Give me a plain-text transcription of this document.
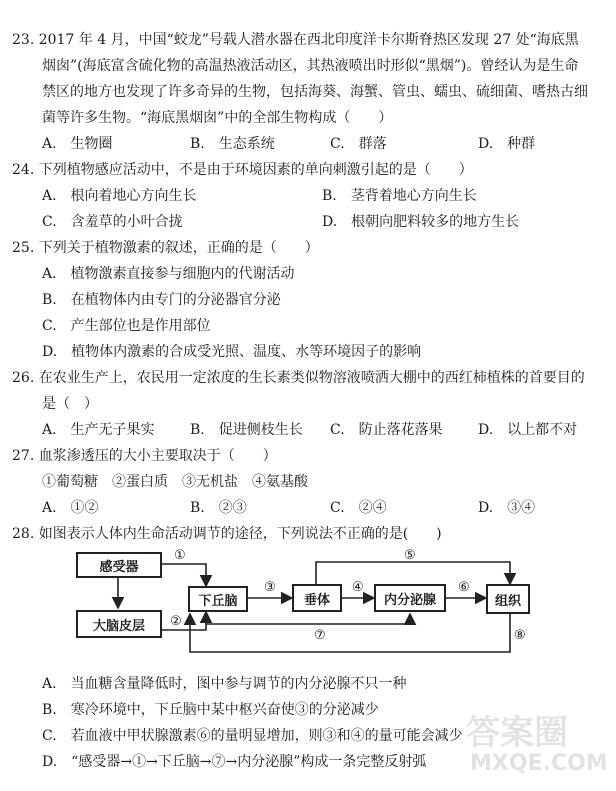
23. 2017 年 4 月，中国“蛟龙”号载人潜水器在西北印度洋卡尔斯脊热区发现 27 处“海底黑
烟囱”(海底富含硫化物的高温热液活动区，其热液喷出时形似“黑烟”)。曾经认为是生命
禁区的地方也发现了许多奇异的生物，包括海葵、海蟹、管虫、蠕虫、硫细菌、嗜热古细
菌等许多生物。“海底黑烟囱”中的全部生物构成（　　）
A.　生物圈	B.　生态系统	C.　群落	D.　种群
24. 下列植物感应活动中，不是由于环境因素的单向刺激引起的是（　　）
A.　根向着地心方向生长	B.　茎背着地心方向生长
C.　含羞草的小叶合拢	D.　根朝向肥料较多的地方生长
25. 下列关于植物激素的叙述，正确的是（　　）
A.　植物激素直接参与细胞内的代谢活动
B.　在植物体内由专门的分泌器官分泌
C.　产生部位也是作用部位
D.　植物体内激素的合成受光照、温度、水等环境因子的影响
26. 在农业生产上，农民用一定浓度的生长素类似物溶液喷洒大棚中的西红柿植株的首要目的
是（　）
A.　生产无子果实	B.　促进侧枝生长 C.　防止落花落果	D.　以上都不对
27. 血浆渗透压的大小主要取决于（　　）
①葡萄糖　②蛋白质　③无机盐　④氨基酸
A.　①②	B.　②③	C.　②④	D.　③④
28. 如图表示人体内生命活动调节的途径，下列说法不正确的是(　　)
感受器
大脑皮层
下丘脑	垂体	内分泌腺	组织
①
②
③	④
⑤
⑥
⑦	⑧
A.　当血糖含量降低时，图中参与调节的内分泌腺不只一种
B.　寒冷环境中，下丘脑中某中枢兴奋使③的分泌减少
C.　若血液中甲状腺激素⑥的量明显增加，则③和④的量可能会减少
D.　“感受器→①→下丘脑→⑦→内分泌腺”构成一条完整反射弧
答案圈
MXQE.COM
